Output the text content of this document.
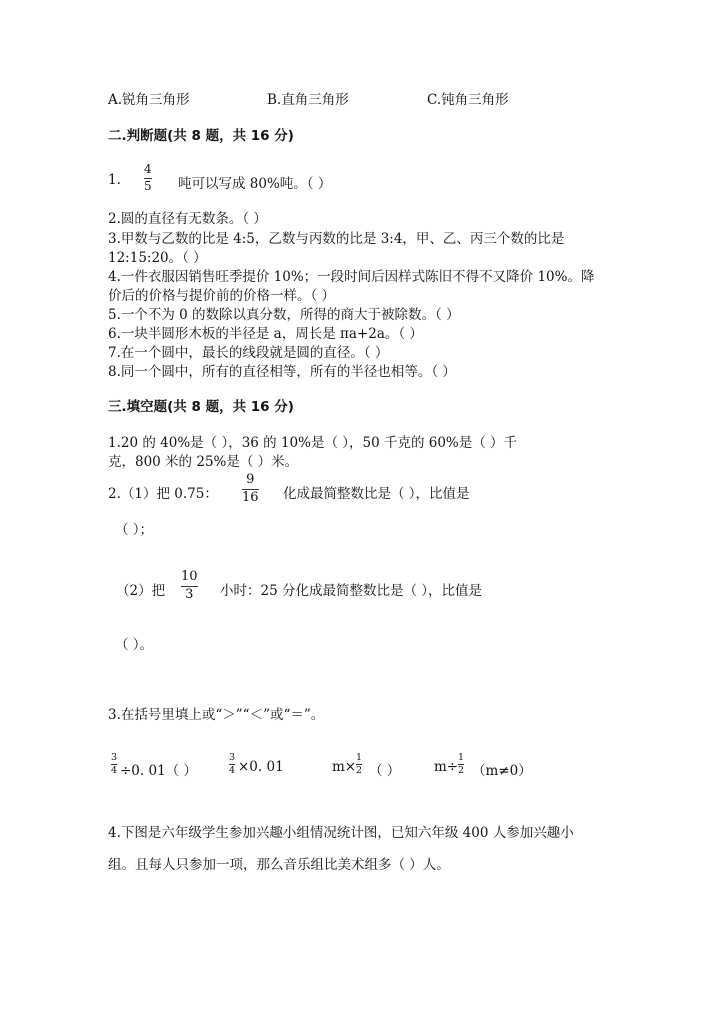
A.锐角三角形	B.直角三角形	C.钝角三角形
二.判断题(共 8 题，共 16 分)
1.
4
5 吨可以写成 80%吨。（ ）
2.圆的直径有无数条。（ ）
3.甲数与乙数的比是 4:5，乙数与丙数的比是 3:4，甲、乙、丙三个数的比是
12:15:20。（ ）
4.一件衣服因销售旺季提价 10%；一段时间后因样式陈旧不得不又降价 10%。降
价后的价格与提价前的价格一样。（ ）
5.一个不为 0 的数除以真分数，所得的商大于被除数。（ ）
6.一块半圆形木板的半径是 a，周长是 πa+2a。（ ）
7.在一个圆中，最长的线段就是圆的直径。（ ）
8.同一个圆中，所有的直径相等，所有的半径也相等。（ ）
三.填空题(共 8 题，共 16 分)
1.20 的 40%是（ ），36 的 10%是（ ），50 千克的 60%是（ ）千
克，800 米的 25%是（ ）米。
2.（1）把 0.75：
9
16 化成最简整数比是（ ），比值是
（ ）；
（2）把
10
3 小时：25 分化成最简整数比是（ ），比值是
（ ）。
3.在括号里填上或“＞”“＜”或“＝”。
3
4 ÷0. 01（ ）
3
4 ×0. 01	m×
1
2 （ ） m÷
1
2 （m≠0）
4.下图是六年级学生参加兴趣小组情况统计图，已知六年级 400 人参加兴趣小
组。且每人只参加一项，那么音乐组比美术组多（ ）人。
